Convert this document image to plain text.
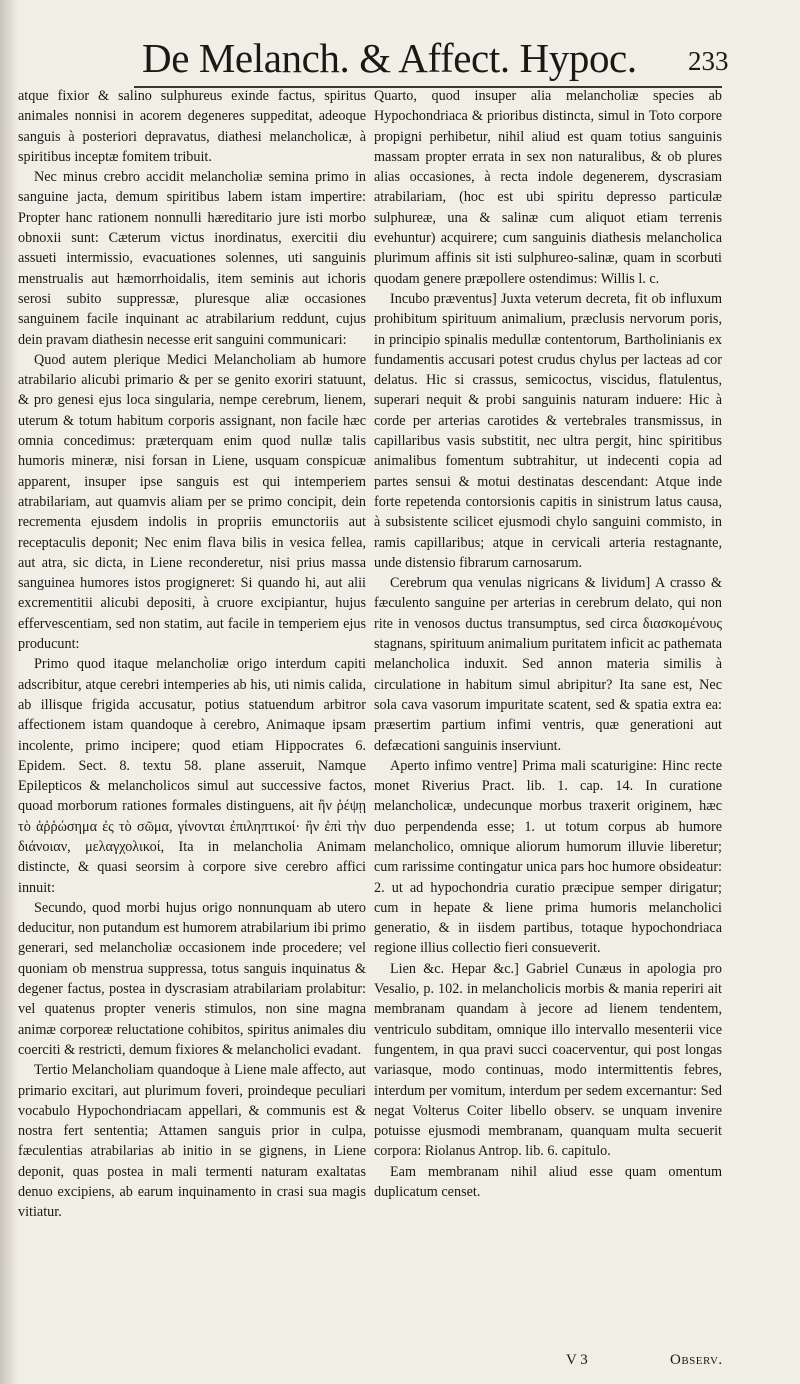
De Melanch. & Affect. Hypoc. 233

atque fixior & salino sulphureus exinde factus, spiritus animales nonnisi in acorem degeneres suppeditat, adeoque sanguis à posteriori depravatus, diathesi melancholicæ, à spiritibus inceptæ fomitem tribuit.

Nec minus crebro accidit melancholiæ semina primo in sanguine jacta, demum spiritibus labem istam impertire: Propter hanc rationem nonnulli hæreditario jure isti morbo obnoxii sunt: Cæterum victus inordinatus, exercitii diu assueti intermissio, evacuationes solennes, uti sanguinis menstrualis aut hæmorrhoidalis, item seminis aut ichoris serosi subito suppressæ, pluresque aliæ occasiones sanguinem facile inquinant ac atrabilarium reddunt, cujus dein pravam diathesin necesse erit sanguini communicari:

Quod autem plerique Medici Melancholiam ab humore atrabilario alicubi primario & per se genito exoriri statuunt, & pro genesi ejus loca singularia, nempe cerebrum, lienem, uterum & totum habitum corporis assignant, non facile hæc omnia concedimus: præterquam enim quod nullæ talis humoris mineræ, nisi forsan in Liene, usquam conspicuæ apparent, insuper ipse sanguis est qui intemperiem atrabilariam, aut quamvis aliam per se primo concipit, dein recrementa ejusdem indolis in propriis emunctoriis aut receptaculis deponit; Nec enim flava bilis in vesica fellea, aut atra, sic dicta, in Liene reconderetur, nisi prius massa sanguinea humores istos progigneret: Si quando hi, aut alii excrementitii alicubi depositi, à cruore excipiantur, hujus effervescentiam, sed non statim, aut facile in temperiem ejus producunt:

Primo quod itaque melancholiæ origo interdum capiti adscribitur, atque cerebri intemperies ab his, uti nimis calida, ab illisque frigida accusatur, potius statuendum arbitror affectionem istam quandoque à cerebro, Animaque ipsam incolente, primo incipere; quod etiam Hippocrates 6. Epidem. Sect. 8. textu 58. plane asseruit, Namque Epilepticos & melancholicos simul aut successive factos, quoad morborum rationes formales distinguens, ait ἢν ῥέψῃ τὸ ἀῤῥώσημα ἐς τὸ σῶμα, γίνονται ἐπιληπτικοί· ἢν ἐπὶ τὴν διάνοιαν, μελαγχολικοί, Ita in melancholia Animam distincte, & quasi seorsim à corpore sive cerebro affici innuit:

Secundo, quod morbi hujus origo nonnunquam ab utero deducitur, non putandum est humorem atrabilarium ibi primo generari, sed melancholiæ occasionem inde procedere; vel quoniam ob menstrua suppressa, totus sanguis inquinatus & degener factus, postea in dyscrasiam atrabilariam prolabitur: vel quatenus propter veneris stimulos, non sine magna animæ corporeæ reluctatione cohibitos, spiritus animales diu coerciti & restricti, demum fixiores & melancholici evadant.

Tertio Melancholiam quandoque à Liene male affecto, aut primario excitari, aut plurimum foveri, proindeque peculiari vocabulo Hypochondriacam appellari, & communis est & nostra fert sententia; Attamen sanguis prior in culpa, fæculentias atrabilarias ab initio in se gignens, in Liene deponit, quas postea in mali termenti naturam exaltatas denuo excipiens, ab earum inquinamento in crasi sua magis vitiatur.

Quarto, quod insuper alia melancholiæ species ab Hypochondriaca & prioribus distincta, simul in Toto corpore propigni perhibetur, nihil aliud est quam totius sanguinis massam propter errata in sex non naturalibus, & ob plures alias occasiones, à recta indole degenerem, dyscrasiam atrabilariam, (hoc est ubi spiritu depresso particulæ sulphureæ, una & salinæ cum aliquot etiam terrenis evehuntur) acquirere; cum sanguinis diathesis melancholica plurimum affinis sit isti sulphureo-salinæ, quam in scorbuti quodam genere præpollere ostendimus: Willis l. c.

Incubo præventus] Juxta veterum decreta, fit ob influxum prohibitum spirituum animalium, præclusis nervorum poris, in principio spinalis medullæ contentorum, Bartholinianis ex fundamentis accusari potest crudus chylus per lacteas ad cor delatus. Hic si crassus, semicoctus, viscidus, flatulentus, superari nequit & probi sanguinis naturam induere: Hic à corde per arterias carotides & vertebrales transmissus, in capillaribus vasis substitit, nec ultra pergit, hinc spiritibus animalibus fomentum subtrahitur, ut indecenti copia ad partes sensui & motui destinatas descendant: Atque inde forte repetenda contorsionis capitis in sinistrum latus causa, à subsistente scilicet ejusmodi chylo sanguini commisto, in ramis capillaribus; atque in cervicali arteria restagnante, unde distensio fibrarum carnosarum.

Cerebrum qua venulas nigricans & lividum] A crasso & fæculento sanguine per arterias in cerebrum delato, qui non rite in venosos ductus transumptus, sed circa διασκομένους stagnans, spirituum animalium puritatem inficit ac pathemata melancholica induxit. Sed annon materia similis à circulatione in habitum simul abripitur? Ita sane est, Nec sola cava vasorum impuritate scatent, sed & spatia extra ea: præsertim partium infimi ventris, quæ generationi aut defæcationi sanguinis inserviunt.

Aperto infimo ventre] Prima mali scaturigine: Hinc recte monet Riverius Pract. lib. 1. cap. 14. In curatione melancholicæ, undecunque morbus traxerit originem, hæc duo perpendenda esse; 1. ut totum corpus ab humore melancholico, omnique aliorum humorum illuvie liberetur; cum rarissime contingatur unica pars hoc humore obsideatur: 2. ut ad hypochondria curatio præcipue semper dirigatur; cum in hepate & liene prima humoris melancholici generatio, & in iisdem partibus, totaque hypochondriaca regione illius collectio fieri consueverit.

Lien &c. Hepar &c.] Gabriel Cunæus in apologia pro Vesalio, p. 102. in melancholicis morbis & mania reperiri ait membranam quandam à jecore ad lienem tendentem, ventriculo subditam, omnique illo intervallo mesenterii vice fungentem, in qua pravi succi coacerventur, qui post longas variasque, modo continuas, modo intermittentis febres, interdum per vomitum, interdum per sedem excernantur: Sed negat Volterus Coiter libello observ. se unquam invenire potuisse ejusmodi membranam, quanquam multa secuerit corpora: Riolanus Antrop. lib. 6. capitulo.

Eam membranam nihil aliud esse quam omentum duplicatum censet.

V 3	Observ.
